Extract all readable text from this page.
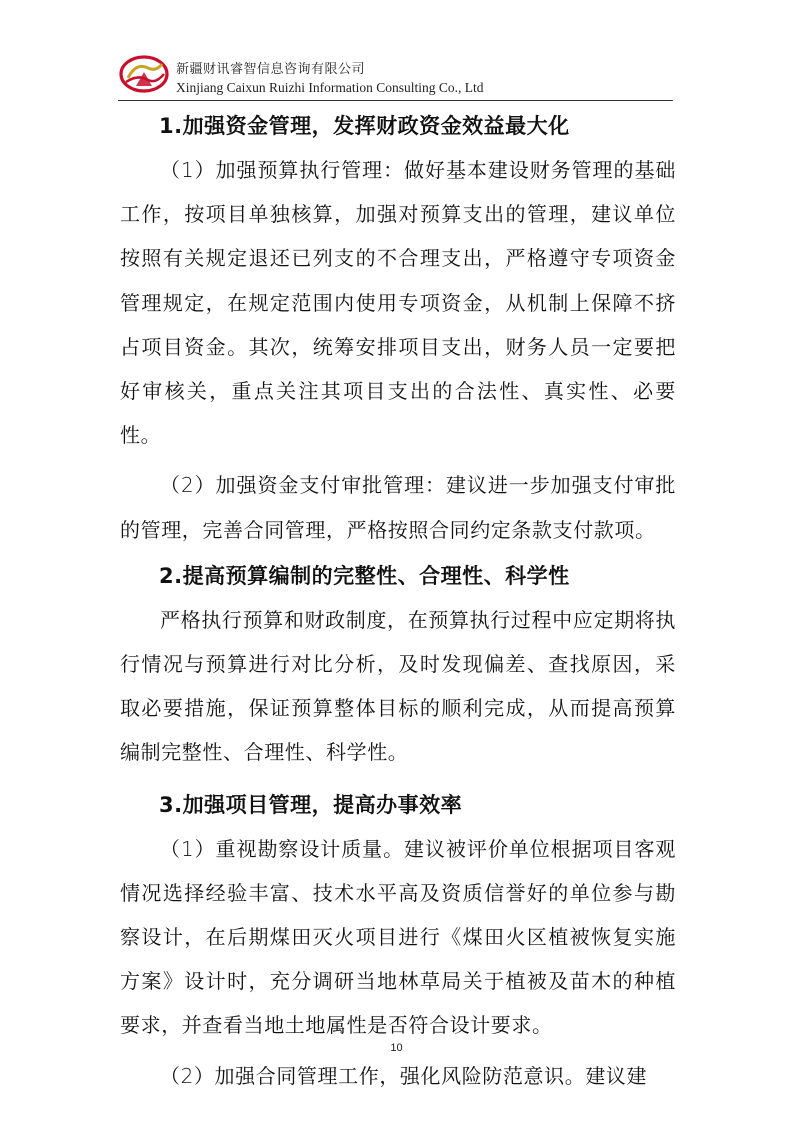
新疆财讯睿智信息咨询有限公司
Xinjiang Caixun Ruizhi Information Consulting Co., Ltd
1.加强资金管理，发挥财政资金效益最大化

（1）加强预算执行管理：做好基本建设财务管理的基础工作，按项目单独核算，加强对预算支出的管理，建议单位按照有关规定退还已列支的不合理支出，严格遵守专项资金管理规定，在规定范围内使用专项资金，从机制上保障不挤占项目资金。其次，统筹安排项目支出，财务人员一定要把好审核关，重点关注其项目支出的合法性、真实性、必要性。

（2）加强资金支付审批管理：建议进一步加强支付审批的管理，完善合同管理，严格按照合同约定条款支付款项。

2.提高预算编制的完整性、合理性、科学性

严格执行预算和财政制度，在预算执行过程中应定期将执行情况与预算进行对比分析，及时发现偏差、查找原因，采取必要措施，保证预算整体目标的顺利完成，从而提高预算编制完整性、合理性、科学性。

3.加强项目管理，提高办事效率

（1）重视勘察设计质量。建议被评价单位根据项目客观情况选择经验丰富、技术水平高及资质信誉好的单位参与勘察设计，在后期煤田灭火项目进行《煤田火区植被恢复实施方案》设计时，充分调研当地林草局关于植被及苗木的种植要求，并查看当地土地属性是否符合设计要求。

（2）加强合同管理工作，强化风险防范意识。建议建

10
